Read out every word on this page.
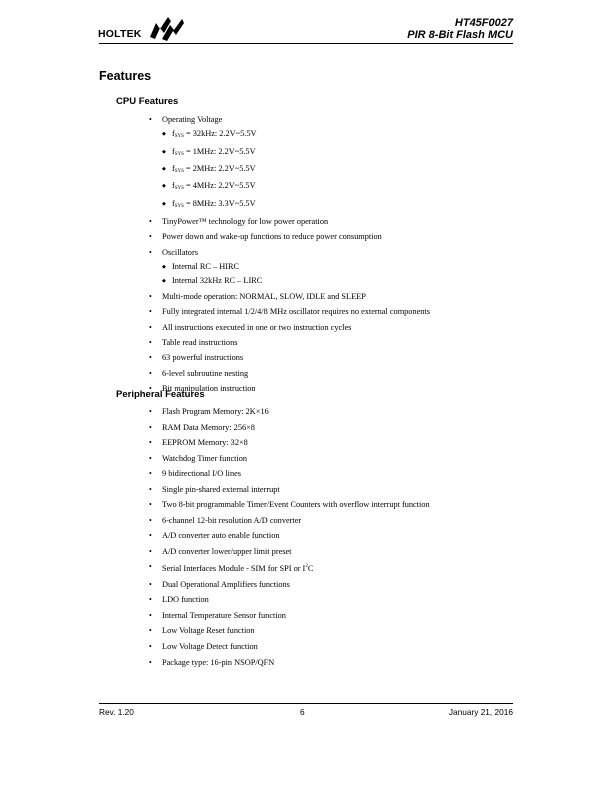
HOLTEK
HT45F0027
PIR 8-Bit Flash MCU
Features
CPU Features
• Operating Voltage
◆ $f_{SYS} = 32kHz$: 2.2V~5.5V
◆ $f_{SYS} = 1MHz$: 2.2V~5.5V
◆ $f_{SYS} = 2MHz$: 2.2V~5.5V
◆ $f_{SYS} = 4MHz$: 2.2V~5.5V
◆ $f_{SYS} = 8MHz$: 3.3V~5.5V
• TinyPower™ technology for low power operation
• Power down and wake-up functions to reduce power consumption
• Oscillators
◆ Internal RC – HIRC
◆ Internal 32kHz RC – LIRC
• Multi-mode operation: NORMAL, SLOW, IDLE and SLEEP
• Fully integrated internal 1/2/4/8 MHz oscillator requires no external components
• All instructions executed in one or two instruction cycles
• Table read instructions
• 63 powerful instructions
• 6-level subroutine nesting
• Bit manipulation instruction
Peripheral Features
• Flash Program Memory: 2K×16
• RAM Data Memory: 256×8
• EEPROM Memory: 32×8
• Watchdog Timer function
• 9 bidirectional I/O lines
• Single pin-shared external interrupt
• Two 8-bit programmable Timer/Event Counters with overflow interrupt function
• 6-channel 12-bit resolution A/D converter
• A/D converter auto enable function
• A/D converter lower/upper limit preset
• Serial Interfaces Module - SIM for SPI or $I^2C$
• Dual Operational Amplifiers functions
• LDO function
• Internal Temperature Sensor function
• Low Voltage Reset function
• Low Voltage Detect function
• Package type: 16-pin NSOP/QFN
Rev. 1.20	6	January 21, 2016
